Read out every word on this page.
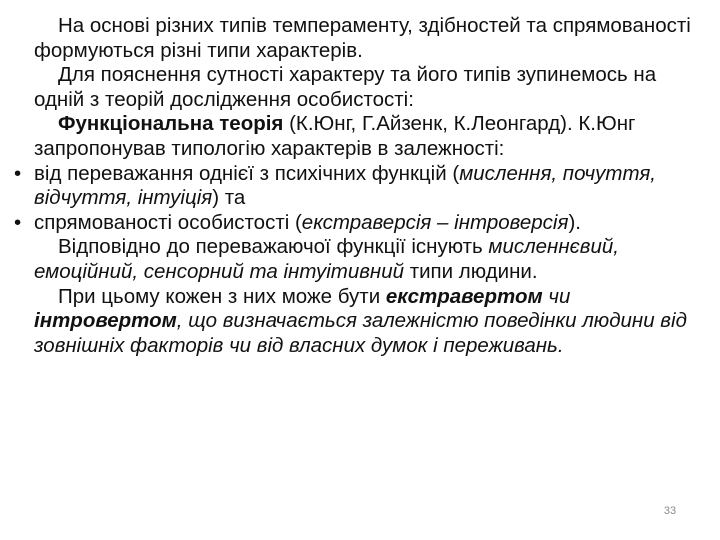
На основі різних типів темпераменту, здібностей та спрямованості формуються різні типи характерів.

Для пояснення сутності характеру та його типів зупинемось на одній з теорій дослідження особистості:

Функціональна теорія (К.Юнг, Г.Айзенк, К.Леонгард). К.Юнг запропонував типологію характерів в залежності:

• від переважання однієї з психічних функцій (мислення, почуття, відчуття, інтуіція) та
• спрямованості особистості (екстраверсія – інтроверсія).

Відповідно до переважаючої функції існують мисленнєвий, емоційний, сенсорний та інтуітивний типи людини.

При цьому кожен з них може бути екстравертом чи інтровертом, що визначається залежністю поведінки людини від зовнішніх факторів чи від власних думок і переживань.

33
